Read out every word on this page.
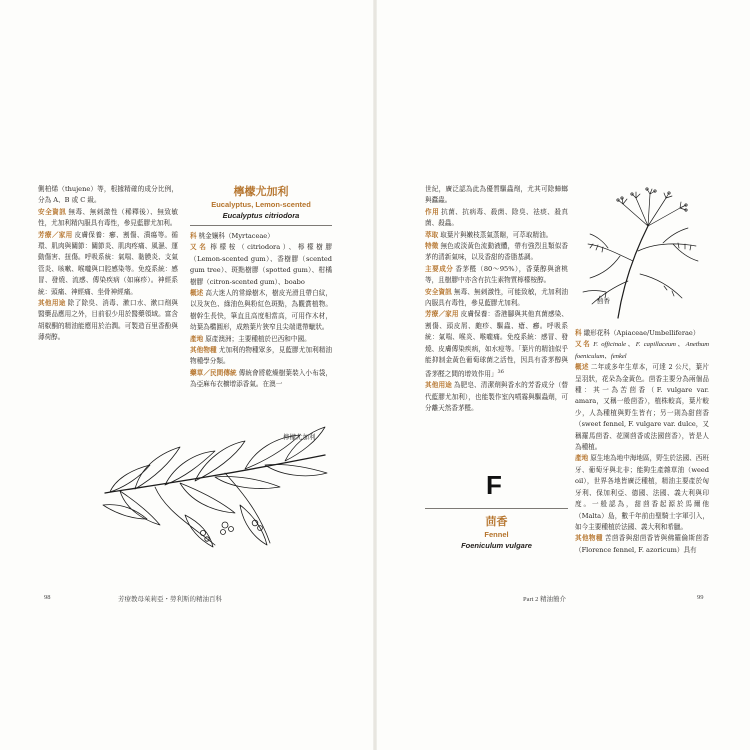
側柏烯（thujene）等，根據精確的成分比例，分為 A、B 或 C 級。

安全資訊 無毒、無刺激性（稀釋後）、無致敏性，尤加利精內服具有毒性，參見藍膠尤加利。

芳療／家用 皮膚保養：癤、割傷、潰瘍等。循環、肌肉與關節：關節炎、肌肉疼痛、風濕、運動傷害、扭傷。呼吸系統：氣喘、黏膜炎、支氣管炎、咳嗽、喉嚨與口腔感染等。免疫系統：感冒、發燒、流感、傳染疾病（如麻疹）。神經系統：頭痛、神經痛、坐骨神經痛。

其他用途 除了除臭、消毒、漱口水、漱口劑與醫藥品應用之外，目前很少用於醫藥領域。富含胡椒酮的精油能應用於治潤。可製造百里香酚與薄荷醇。

檸檬尤加利
Eucalyptus, Lemon-scented
Eucalyptus citriodora

科 桃金孃科（Myrtaceae）

又名 檸檬桉（citriodora）、檸檬樹膠（Lemon-scented gum）、香樹膠（scented gum tree）、斑點樹膠（spotted gum）、柑橘樹膠（citron-scented gum）、boabo

概述 高大迷人的常綠樹木，樹皮光滑且帶白紋，以及灰色、綠油色與粉紅色斑點，為觀賞植物。樹幹生長快，筆直且高度相當高，可用作木材，幼葉為橢圓形，成熟葉片狹窄且尖端還帶蠟狀。

產地 原產澳洲；主要種植於巴西和中國。

其他物種 尤加利的物種眾多，見藍膠尤加利精油物種學分類。

藥草／民間傳統 傳統會將乾燥樹葉裝入小布袋，為亞麻布衣櫥增添香氣。在澳一

檸檬尤加利
98	芳療教母茱莉亞・勞利斯的精油百科

世紀，廣泛認為此為優質驅蟲劑，尤其可除蟑螂與蠹蟲。

作用 抗菌、抗病毒、殺菌、除臭、祛痰、殺真菌、殺蟲。

萃取 取葉片與嫩枝蒸氣蒸餾，可萃取精油。

特徵 無色或淡黃色流動液體，帶有強烈且類似香茅的清新氣味，以及香甜的香脂基調。

主要成分 香茅醛（80～95%），香葉醇與滄桃等，且樹膠中亦含有抗生素物質檸檬桉醇。

安全資訊 無毒、無刺激性，可能致敏，尤加利油內服具有毒性，參見藍膠尤加利。

芳療／家用 皮膚保養：香港腳與其他真菌感染、割傷、頭皮屑、皰疹、驅蟲、瘡、癤。呼吸系統：氣喘、喉炎、喉嚨痛。免疫系統：感冒、發燒、皮膚傳染疾病，如水痘等。「葉片的精油似乎能抑制金黃色葡萄球菌之活性，因具有香茅醇與香茅醛之間的增效作用」$^{36}$

其他用途 為肥皂、清潔劑與香水的芳香成分（替代藍膠尤加利），也能製作室內噴霧與驅蟲劑，可分離天然香茅醛。

F
茴香
Fennel
Foeniculum vulgare
茴香

科 繖形花科（Apiaceae/Umbelliferae）

又名 F. officinale、F. capillaceum、Anethum foeniculum、fenkel

概述 二年或多年生草本，可達 2 公尺，葉片呈羽狀，花朵為金黃色。茴香主要分為兩個品種：其一為苦茴香（F. vulgare var. amara，又稱一般茴香），植株較高，葉片較少，人為種植與野生皆有；另一則為甜茴香（sweet fennel, F. vulgare var. dulce，又稱羅馬茴香、花園茴香或法國茴香），皆是人為種植。

產地 原生地為地中海地區，野生於法國、西班牙、葡萄牙與北非；能夠生產雜草油（weed oil），世界各地皆廣泛種植，精油主要產於匈牙利、保加利亞、德國、法國、義大利與印度。一般認為，甜茴香起源於馬爾他（Malta）島，數千年前由聖騎士字軍引入，如今主要種植於法國、義大利和希臘。

其他物種 苦茴香與甜茴香皆與佛羅倫斯茴香（Florence fennel, F. azoricum）具有

Part 2 精油簡介	99
